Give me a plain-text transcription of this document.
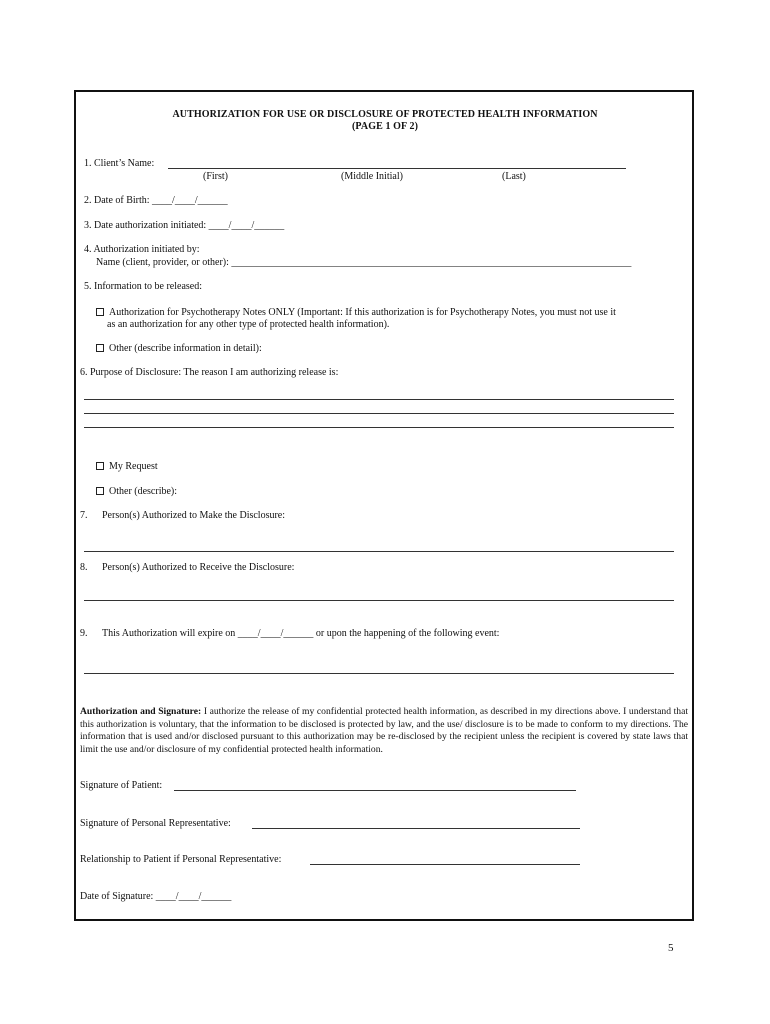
AUTHORIZATION FOR USE OR DISCLOSURE OF PROTECTED HEALTH INFORMATION
(PAGE 1 OF 2)
1. Client’s Name:
(First)	(Middle Initial)	(Last)
2. Date of Birth: ____/____/______
3. Date authorization initiated: ____/____/______
4. Authorization initiated by:
Name (client, provider, or other): ________________________________________________________________________________
5. Information to be released:
Authorization for Psychotherapy Notes ONLY (Important: If this authorization is for Psychotherapy Notes, you must not use it
as an authorization for any other type of protected health information).
Other (describe information in detail):
6. Purpose of Disclosure: The reason I am authorizing release is:
My Request
Other (describe):
7. Person(s) Authorized to Make the Disclosure:
8. Person(s) Authorized to Receive the Disclosure:
9. This Authorization will expire on ____/____/______ or upon the happening of the following event:
Authorization and Signature: I authorize the release of my confidential protected health information, as described in my directions above. I understand that this authorization is voluntary, that the information to be disclosed is protected by law, and the use/ disclosure is to be made to conform to my directions. The information that is used and/or disclosed pursuant to this authorization may be re-disclosed by the recipient unless the recipient is covered by state laws that limit the use and/or disclosure of my confidential protected health information.
Signature of Patient:
Signature of Personal Representative:
Relationship to Patient if Personal Representative:
Date of Signature: ____/____/______
5
